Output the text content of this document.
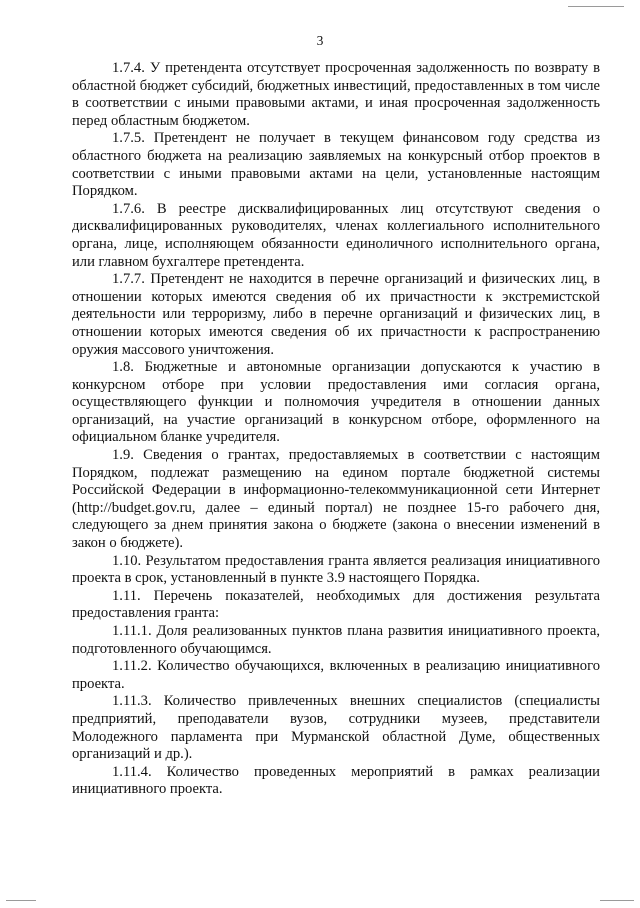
3

1.7.4. У претендента отсутствует просроченная задолженность по возврату в областной бюджет субсидий, бюджетных инвестиций, предоставленных в том числе в соответствии с иными правовыми актами, и иная просроченная задолженность перед областным бюджетом.

1.7.5. Претендент не получает в текущем финансовом году средства из областного бюджета на реализацию заявляемых на конкурсный отбор проектов в соответствии с иными правовыми актами на цели, установленные настоящим Порядком.

1.7.6. В реестре дисквалифицированных лиц отсутствуют сведения о дисквалифицированных руководителях, членах коллегиального исполнительного органа, лице, исполняющем обязанности единоличного исполнительного органа, или главном бухгалтере претендента.

1.7.7. Претендент не находится в перечне организаций и физических лиц, в отношении которых имеются сведения об их причастности к экстремистской деятельности или терроризму, либо в перечне организаций и физических лиц, в отношении которых имеются сведения об их причастности к распространению оружия массового уничтожения.

1.8. Бюджетные и автономные организации допускаются к участию в конкурсном отборе при условии предоставления ими согласия органа, осуществляющего функции и полномочия учредителя в отношении данных организаций, на участие организаций в конкурсном отборе, оформленного на официальном бланке учредителя.

1.9. Сведения о грантах, предоставляемых в соответствии с настоящим Порядком, подлежат размещению на едином портале бюджетной системы Российской Федерации в информационно-телекоммуникационной сети Интернет (http://budget.gov.ru, далее – единый портал) не позднее 15-го рабочего дня, следующего за днем принятия закона о бюджете (закона о внесении изменений в закон о бюджете).

1.10. Результатом предоставления гранта является реализация инициативного проекта в срок, установленный в пункте 3.9 настоящего Порядка.

1.11. Перечень показателей, необходимых для достижения результата предоставления гранта:

1.11.1. Доля реализованных пунктов плана развития инициативного проекта, подготовленного обучающимся.

1.11.2. Количество обучающихся, включенных в реализацию инициативного проекта.

1.11.3. Количество привлеченных внешних специалистов (специалисты предприятий, преподаватели вузов, сотрудники музеев, представители Молодежного парламента при Мурманской областной Думе, общественных организаций и др.).

1.11.4. Количество проведенных мероприятий в рамках реализации инициативного проекта.
